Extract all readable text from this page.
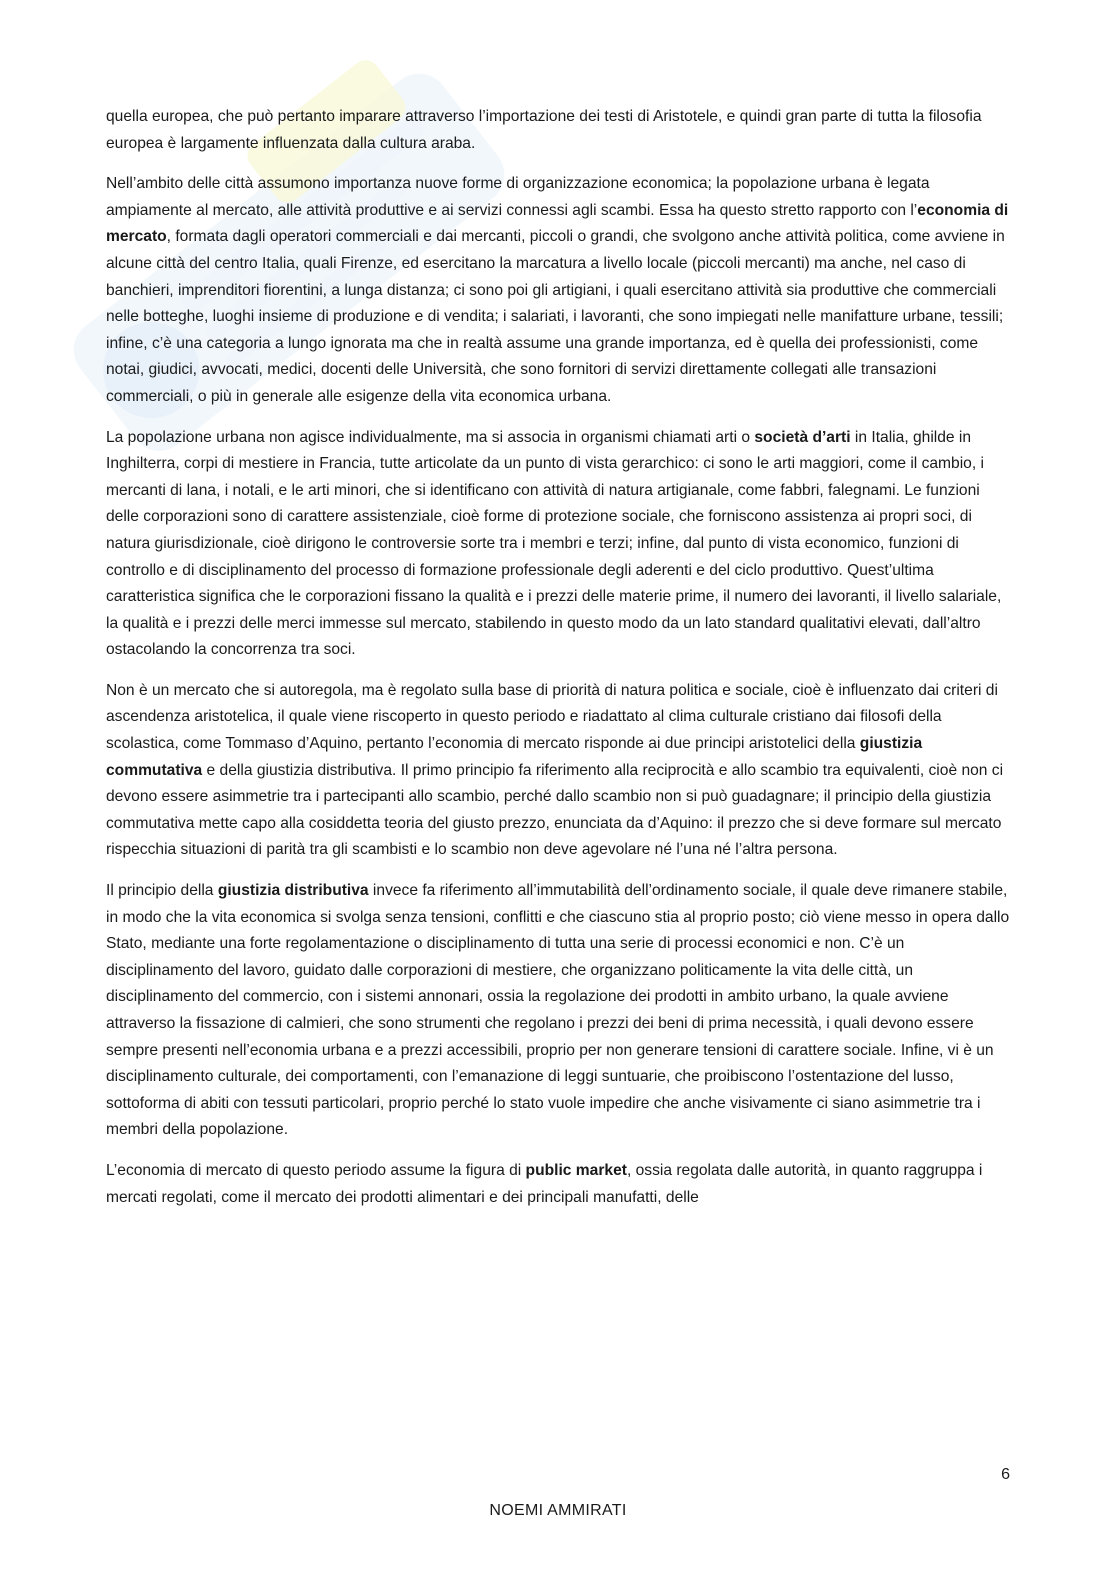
quella europea, che può pertanto imparare attraverso l’importazione dei testi di Aristotele, e quindi gran parte di tutta la filosofia europea è largamente influenzata dalla cultura araba.

Nell’ambito delle città assumono importanza nuove forme di organizzazione economica; la popolazione urbana è legata ampiamente al mercato, alle attività produttive e ai servizi connessi agli scambi. Essa ha questo stretto rapporto con l’economia di mercato, formata dagli operatori commerciali e dai mercanti, piccoli o grandi, che svolgono anche attività politica, come avviene in alcune città del centro Italia, quali Firenze, ed esercitano la marcatura a livello locale (piccoli mercanti) ma anche, nel caso di banchieri, imprenditori fiorentini, a lunga distanza; ci sono poi gli artigiani, i quali esercitano attività sia produttive che commerciali nelle botteghe, luoghi insieme di produzione e di vendita; i salariati, i lavoranti, che sono impiegati nelle manifatture urbane, tessili; infine, c’è una categoria a lungo ignorata ma che in realtà assume una grande importanza, ed è quella dei professionisti, come notai, giudici, avvocati, medici, docenti delle Università, che sono fornitori di servizi direttamente collegati alle transazioni commerciali, o più in generale alle esigenze della vita economica urbana.

La popolazione urbana non agisce individualmente, ma si associa in organismi chiamati arti o società d’arti in Italia, ghilde in Inghilterra, corpi di mestiere in Francia, tutte articolate da un punto di vista gerarchico: ci sono le arti maggiori, come il cambio, i mercanti di lana, i notali, e le arti minori, che si identificano con attività di natura artigianale, come fabbri, falegnami. Le funzioni delle corporazioni sono di carattere assistenziale, cioè forme di protezione sociale, che forniscono assistenza ai propri soci, di natura giurisdizionale, cioè dirigono le controversie sorte tra i membri e terzi; infine, dal punto di vista economico, funzioni di controllo e di disciplinamento del processo di formazione professionale degli aderenti e del ciclo produttivo. Quest’ultima caratteristica significa che le corporazioni fissano la qualità e i prezzi delle materie prime, il numero dei lavoranti, il livello salariale, la qualità e i prezzi delle merci immesse sul mercato, stabilendo in questo modo da un lato standard qualitativi elevati, dall’altro ostacolando la concorrenza tra soci.

Non è un mercato che si autoregola, ma è regolato sulla base di priorità di natura politica e sociale, cioè è influenzato dai criteri di ascendenza aristotelica, il quale viene riscoperto in questo periodo e riadattato al clima culturale cristiano dai filosofi della scolastica, come Tommaso d’Aquino, pertanto l’economia di mercato risponde ai due principi aristotelici della giustizia commutativa e della giustizia distributiva. Il primo principio fa riferimento alla reciprocità e allo scambio tra equivalenti, cioè non ci devono essere asimmetrie tra i partecipanti allo scambio, perché dallo scambio non si può guadagnare; il principio della giustizia commutativa mette capo alla cosiddetta teoria del giusto prezzo, enunciata da d’Aquino: il prezzo che si deve formare sul mercato rispecchia situazioni di parità tra gli scambisti e lo scambio non deve agevolare né l’una né l’altra persona.

Il principio della giustizia distributiva invece fa riferimento all’immutabilità dell’ordinamento sociale, il quale deve rimanere stabile, in modo che la vita economica si svolga senza tensioni, conflitti e che ciascuno stia al proprio posto; ciò viene messo in opera dallo Stato, mediante una forte regolamentazione o disciplinamento di tutta una serie di processi economici e non. C’è un disciplinamento del lavoro, guidato dalle corporazioni di mestiere, che organizzano politicamente la vita delle città, un disciplinamento del commercio, con i sistemi annonari, ossia la regolazione dei prodotti in ambito urbano, la quale avviene attraverso la fissazione di calmieri, che sono strumenti che regolano i prezzi dei beni di prima necessità, i quali devono essere sempre presenti nell’economia urbana e a prezzi accessibili, proprio per non generare tensioni di carattere sociale. Infine, vi è un disciplinamento culturale, dei comportamenti, con l’emanazione di leggi suntuarie, che proibiscono l’ostentazione del lusso, sottoforma di abiti con tessuti particolari, proprio perché lo stato vuole impedire che anche visivamente ci siano asimmetrie tra i membri della popolazione.

L’economia di mercato di questo periodo assume la figura di public market, ossia regolata dalle autorità, in quanto raggruppa i mercati regolati, come il mercato dei prodotti alimentari e dei principali manufatti, delle

6
NOEMI AMMIRATI
